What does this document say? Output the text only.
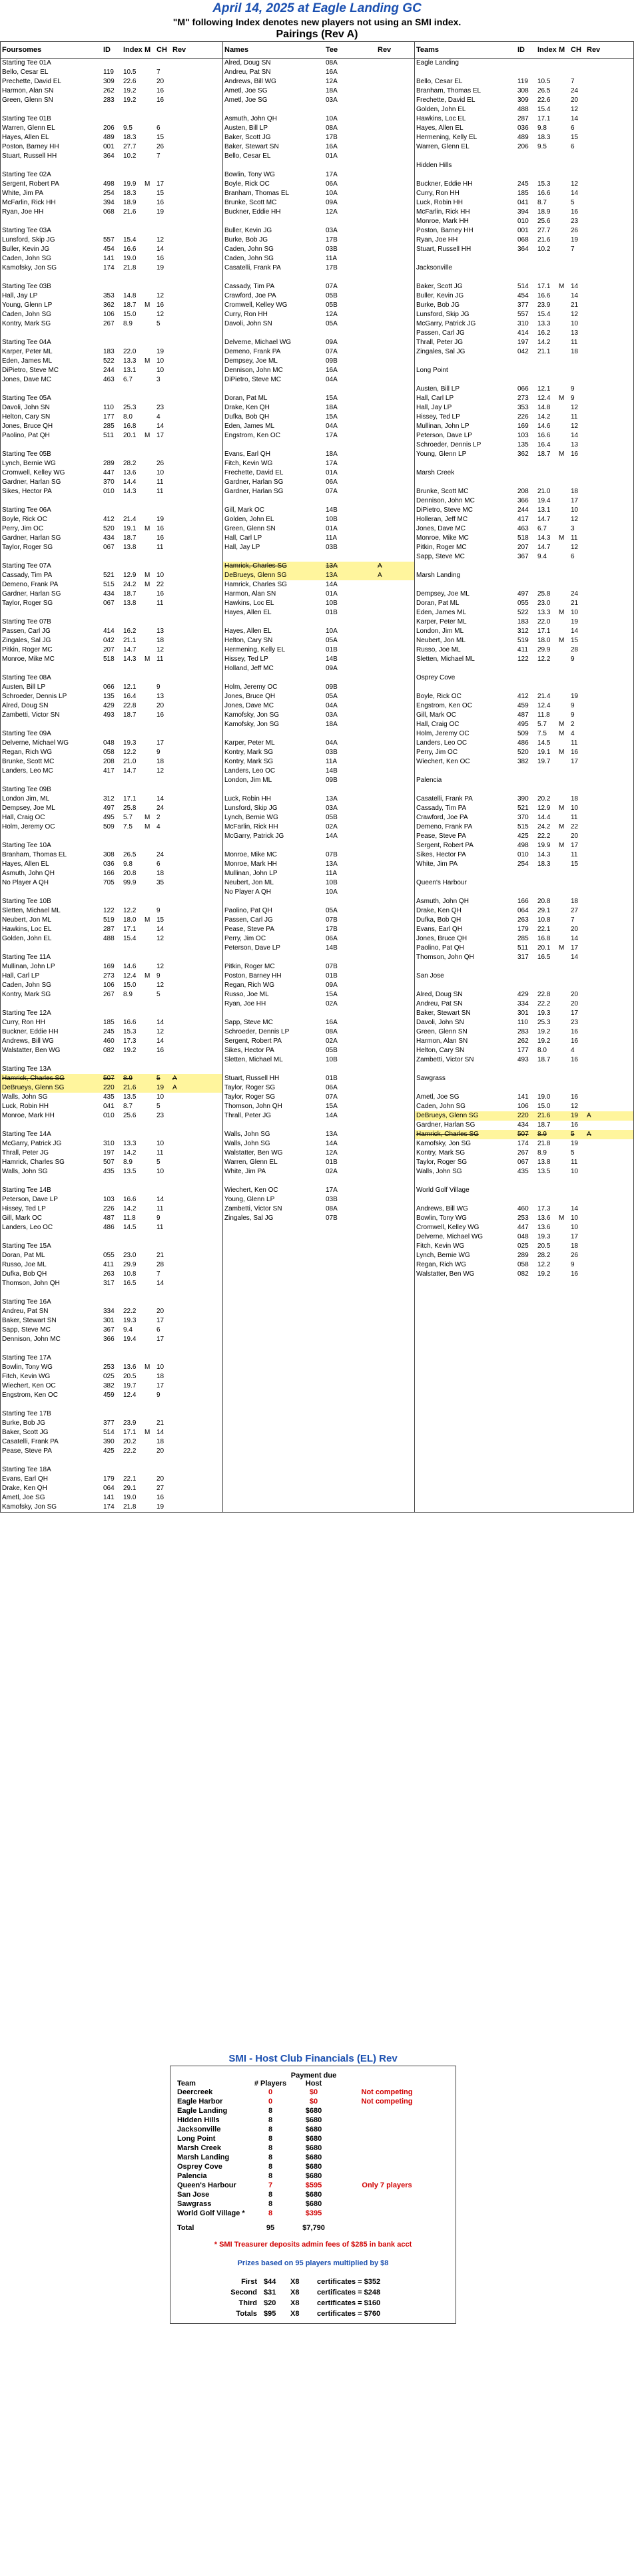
April 14, 2025 at Eagle Landing GC
"M" following Index denotes new players not using an SMI index.
Pairings (Rev A)
Foursomes	ID	Index M CH Rev
Starting Tee 01A
Bello, Cesar EL	119	10.5	7
Prechette, David EL	309	22.6	20
Harmon, Alan SN	262	19.2	16
Green, Glenn SN	283	19.2	16
Starting Tee 01B
Warren, Glenn EL	206	9.5	6
Hayes, Allen EL	489	18.3	15
Poston, Barney HH	001	27.7	26
Stuart, Russell HH	364	10.2	7
Starting Tee 02A
Sergent, Robert PA	498	19.9	M 17
White, Jim PA	254	18.3	15
McFarlin, Rick HH	394	18.9	16
Ryan, Joe HH	068	21.6	19
Starting Tee 03A
Lunsford, Skip JG	557	15.4	12
Buller, Kevin JG	454	16.6	14
Caden, John SG	141	19.0	16
Kamofsky, Jon SG	174	21.8	19
Starting Tee 03B
Hall, Jay LP	353	14.8	12
Young, Glenn LP	362	18.7	M 16
Caden, John SG	106	15.0	12
Kontry, Mark SG	267	8.9	5
Starting Tee 04A
Karper, Peter ML	183	22.0	19
Eden, James ML	522	13.3	M 10
DiPietro, Steve MC	244	13.1	10
Jones, Dave MC	463	6.7	3
Starting Tee 05A
Davoli, John SN	110	25.3	23
Helton, Cary SN	177	8.0	4
Jones, Bruce QH	285	16.8	14
Paolino, Pat QH	511	20.1	M 17
Starting Tee 05B
Lynch, Bernie WG	289	28.2	26
Cromwell, Kelley WG	447	13.6	10
Gardner, Harlan SG	370	14.4	11
Sikes, Hector PA	010	14.3	11
Starting Tee 06A
Boyle, Rick OC	412	21.4	19
Perry, Jim OC	520	19.1	M 16
Gardner, Harlan SG	434	18.7	16
Taylor, Roger SG	067	13.8	11
Starting Tee 07A
Cassady, Tim PA	521	12.9	M 10
Demeno, Frank PA	515	24.2	M 22
Gardner, Harlan SG	434	18.7	16
Taylor, Roger SG	067	13.8	11
Starting Tee 07B
Passen, Carl JG	414	16.2	13
Zingales, Sal JG	042	21.1	18
Pitkin, Roger MC	207	14.7	12
Monroe, Mike MC	518	14.3	M 11
Starting Tee 08A
Austen, Bill LP	066	12.1	9
Schroeder, Dennis LP	135	16.4	13
Alred, Doug SN	429	22.8	20
Zambetti, Victor SN	493	18.7	16
Starting Tee 09A
Delverne, Michael WG	048	19.3	17
Regan, Rich WG	058	12.2	9
Brunke, Scott MC	208	21.0	18
Landers, Leo MC	417	14.7	12
Starting Tee 09B
London Jim, ML	312	17.1	14
Dempsey, Joe ML	497	25.8	24
Hall, Craig OC	495	5.7	M 2
Holm, Jeremy OC	509	7.5	M 4
Starting Tee 10A
Branham, Thomas EL	308	26.5	24
Hayes, Allen EL	036	9.8	6
Asmuth, John QH	166	20.8	18
No Player A QH	705	99.9	35
Starting Tee 10B
Sletten, Michael ML	122	12.2	9
Neubert, Jon ML	519	18.0	M 15
Hawkins, Loc EL	287	17.1	14
Golden, John EL	488	15.4	12
Starting Tee 11A
Mullinan, John LP	169	14.6	12
Hall, Carl LP	273	12.4	M 9
Caden, John SG	106	15.0	12
Kontry, Mark SG	267	8.9	5
Starting Tee 12A
Curry, Ron HH	185	16.6	14
Buckner, Eddie HH	245	15.3	12
Andrews, Bill WG	460	17.3	14
Walstatter, Ben WG	082	19.2	16
Starting Tee 13A
Hamrick, Charles SG	507	8.9	5	A
DeBrueys, Glenn SG	220	21.6	19	A
Walls, John SG	435	13.5	10
Luck, Robin HH	041	8.7	5
Monroe, Mark HH	010	25.6	23
Starting Tee 14A
McGarry, Patrick JG	310	13.3	10
Thrall, Peter JG	197	14.2	11
Hamrick, Charles SG	507	8.9	5
Walls, John SG	435	13.5	10
Starting Tee 14B
Peterson, Dave LP	103	16.6	14
Hissey, Ted LP	226	14.2	11
Gill, Mark OC	487	11.8	9
Landers, Leo OC	486	14.5	11
Starting Tee 15A
Doran, Pat ML	055	23.0	21
Russo, Joe ML	411	29.9	28
Dufka, Bob QH	263	10.8	7
Thomson, John QH	317	16.5	14
Starting Tee 16A
Andreu, Pat SN	334	22.2	20
Baker, Stewart SN	301	19.3	17
Sapp, Steve MC	367	9.4	6
Dennison, John MC	366	19.4	17
Starting Tee 17A
Bowlin, Tony WG	253	13.6	M 10
Fitch, Kevin WG	025	20.5	18
Wiechert, Ken OC	382	19.7	17
Engstrom, Ken OC	459	12.4	9
Starting Tee 17B
Burke, Bob JG	377	23.9	21
Baker, Scott JG	514	17.1	M 14
Casatelli, Frank PA	390	20.2	18
Pease, Steve PA	425	22.2	20
Starting Tee 18A
Evans, Earl QH	179	22.1	20
Drake, Ken QH	064	29.1	27
Ametl, Joe SG	141	19.0	16
Kamofsky, Jon SG	174	21.8	19
Names	Tee	Rev
Alred, Doug SN	08A
Andreu, Pat SN	16A
Andrews, Bill WG	12A
Ametl, Joe SG	18A
Ametl, Joe SG	03A
Asmuth, John QH	10A
Austen, Bill LP	08A
Baker, Scott JG	17B
Baker, Stewart SN	16A
Bello, Cesar EL	01A
Bowlin, Tony WG	17A
Boyle, Rick OC	06A
Branham, Thomas EL	10A
Brunke, Scott MC	09A
Buckner, Eddie HH	12A
Buller, Kevin JG	03A
Burke, Bob JG	17B
Caden, John SG	03B
Caden, John SG	11A
Casatelli, Frank PA	17B
Cassady, Tim PA	07A
Crawford, Joe PA	05B
Cromwell, Kelley WG	05B
Curry, Ron HH	12A
Davoli, John SN	05A
Delverne, Michael WG	09A
Demeno, Frank PA	07A
Dempsey, Joe ML	09B
Dennison, John MC	16A
DiPietro, Steve MC	04A
Doran, Pat ML	15A
Drake, Ken QH	18A
Dufka, Bob QH	15A
Eden, James ML	04A
Engstrom, Ken OC	17A
Evans, Earl QH	18A
Fitch, Kevin WG	17A
Frechette, David EL	01A
Gardner, Harlan SG	06A
Gardner, Harlan SG	07A
Gill, Mark OC	14B
Golden, John EL	10B
Green, Glenn SN	01A
Hall, Carl LP	11A
Hall, Jay LP	03B
Hamrick, Charles SG	13A	A
DeBrueys, Glenn SG	13A	A
Hamrick, Charles SG	14A
Harmon, Alan SN	01A
Hawkins, Loc EL	10B
Hayes, Allen EL	01B
Hayes, Allen EL	10A
Helton, Cary SN	05A
Hermening, Kelly EL	01B
Hissey, Ted LP	14B
Holland, Jeff MC	09A
Holm, Jeremy OC	09B
Jones, Bruce QH	05A
Jones, Dave MC	04A
Kamofsky, Jon SG	03A
Kamofsky, Jon SG	18A
Karper, Peter ML	04A
Kontry, Mark SG	03B
Kontry, Mark SG	11A
Landers, Leo OC	14B
London, Jim ML	09B
Luck, Robin HH	13A
Lunsford, Skip JG	03A
Lynch, Bernie WG	05B
McFarlin, Rick HH	02A
McGarry, Patrick JG	14A
Monroe, Mike MC	07B
Monroe, Mark HH	13A
Mullinan, John LP	11A
Neubert, Jon ML	10B
No Player A QH	10A
Paolino, Pat QH	05A
Passen, Carl JG	07B
Pease, Steve PA	17B
Perry, Jim OC	06A
Peterson, Dave LP	14B
Pitkin, Roger MC	07B
Poston, Barney HH	01B
Regan, Rich WG	09A
Russo, Joe ML	15A
Ryan, Joe HH	02A
Sapp, Steve MC	16A
Schroeder, Dennis LP	08A
Sergent, Robert PA	02A
Sikes, Hector PA	05B
Sletten, Michael ML	10B
Stuart, Russell HH	01B
Taylor, Roger SG	06A
Taylor, Roger SG	07A
Thomson, John QH	15A
Thrall, Peter JG	14A
Walls, John SG	13A
Walls, John SG	14A
Walstatter, Ben WG	12A
Warren, Glenn EL	01B
White, Jim PA	02A
Wiechert, Ken OC	17A
Young, Glenn LP	03B
Zambetti, Victor SN	08A
Zingales, Sal JG	07B
Teams	ID	Index M CH Rev
Eagle Landing
Bello, Cesar EL	119	10.5	7
Branham, Thomas EL	308	26.5	24
Frechette, David EL	309	22.6	20
Golden, John EL	488	15.4	12
Hawkins, Loc EL	287	17.1	14
Hayes, Allen EL	036	9.8	6
Hermening, Kelly EL	489	18.3	15
Warren, Glenn EL	206	9.5	6
Hidden Hills
Buckner, Eddie HH	245	15.3	12
Curry, Ron HH	185	16.6	14
Luck, Robin HH	041	8.7	5
McFarlin, Rick HH	394	18.9	16
Monroe, Mark HH	010	25.6	23
Poston, Barney HH	001	27.7	26
Ryan, Joe HH	068	21.6	19
Stuart, Russell HH	364	10.2	7
Jacksonville
Baker, Scott JG	514	17.1	M 14
Buller, Kevin JG	454	16.6	14
Burke, Bob JG	377	23.9	21
Lunsford, Skip JG	557	15.4	12
McGarry, Patrick JG	310	13.3	10
Passen, Carl JG	414	16.2	13
Thrall, Peter JG	197	14.2	11
Zingales, Sal JG	042	21.1	18
Long Point
Austen, Bill LP	066	12.1	9
Hall, Carl LP	273	12.4	M 9
Hall, Jay LP	353	14.8	12
Hissey, Ted LP	226	14.2	11
Mullinan, John LP	169	14.6	12
Peterson, Dave LP	103	16.6	14
Schroeder, Dennis LP	135	16.4	13
Young, Glenn LP	362	18.7	M 16
Marsh Creek
Brunke, Scott MC	208	21.0	18
Dennison, John MC	366	19.4	17
DiPietro, Steve MC	244	13.1	10
Holleran, Jeff MC	417	14.7	12
Jones, Dave MC	463	6.7	3
Monroe, Mike MC	518	14.3	M 11
Pitkin, Roger MC	207	14.7	12
Sapp, Steve MC	367	9.4	6
Marsh Landing
Dempsey, Joe ML	497	25.8	24
Doran, Pat ML	055	23.0	21
Eden, James ML	522	13.3	M 10
Karper, Peter ML	183	22.0	19
London, Jim ML	312	17.1	14
Neubert, Jon ML	519	18.0	M 15
Russo, Joe ML	411	29.9	28
Sletten, Michael ML	122	12.2	9
Osprey Cove
Boyle, Rick OC	412	21.4	19
Engstrom, Ken OC	459	12.4	9
Gill, Mark OC	487	11.8	9
Hall, Craig OC	495	5.7	M 2
Holm, Jeremy OC	509	7.5	M 4
Landers, Leo OC	486	14.5	11
Perry, Jim OC	520	19.1	M 16
Wiechert, Ken OC	382	19.7	17
Palencia
Casatelli, Frank PA	390	20.2	18
Cassady, Tim PA	521	12.9	M 10
Crawford, Joe PA	370	14.4	11
Demeno, Frank PA	515	24.2	M 22
Pease, Steve PA	425	22.2	20
Sergent, Robert PA	498	19.9	M 17
Sikes, Hector PA	010	14.3	11
White, Jim PA	254	18.3	15
Queen's Harbour
Asmuth, John QH	166	20.8	18
Drake, Ken QH	064	29.1	27
Dufka, Bob QH	263	10.8	7
Evans, Earl QH	179	22.1	20
Jones, Bruce QH	285	16.8	14
Paolino, Pat QH	511	20.1	M 17
Thomson, John QH	317	16.5	14
San Jose
Alred, Doug SN	429	22.8	20
Andreu, Pat SN	334	22.2	20
Baker, Stewart SN	301	19.3	17
Davoli, John SN	110	25.3	23
Green, Glenn SN	283	19.2	16
Harmon, Alan SN	262	19.2	16
Helton, Cary SN	177	8.0	4
Zambetti, Victor SN	493	18.7	16
Sawgrass
Ametl, Joe SG	141	19.0	16
Caden, John SG	106	15.0	12
DeBrueys, Glenn SG	220	21.6	19	A
Gardner, Harlan SG	434	18.7	16
Hamrick, Charles SG	507	8.9	5	A
Kamofsky, Jon SG	174	21.8	19
Kontry, Mark SG	267	8.9	5
Taylor, Roger SG	067	13.8	11
Walls, John SG	435	13.5	10
World Golf Village
Andrews, Bill WG	460	17.3	14
Bowlin, Tony WG	253	13.6	M 10
Cromwell, Kelley WG	447	13.6	10
Delverne, Michael WG	048	19.3	17
Fitch, Kevin WG	025	20.5	18
Lynch, Bernie WG	289	28.2	26
Regan, Rich WG	058	12.2	9
Walstatter, Ben WG	082	19.2	16
SMI - Host Club Financials (EL) Rev
Team	# Players
Payment due Host
Deercreek	0	$0	Not competing
Eagle Harbor	0	$0	Not competing
Eagle Landing	8	$680
Hidden Hills	8	$680
Jacksonville	8	$680
Long Point	8	$680
Marsh Creek	8	$680
Marsh Landing	8	$680
Osprey Cove	8	$680
Palencia	8	$680
Queen's Harbour	7	$595	Only 7 players
San Jose	8	$680
Sawgrass	8	$680
World Golf Village *	8	$395
Total	95	$7,790
* SMI Treasurer deposits admin fees of $285 in bank acct
Prizes based on 95 players multiplied by $8
First $44	X8	certificates = $352
Second $31	X8	certificates = $248
Third $20	X8	certificates = $160
Totals $95	X8	certificates = $760
